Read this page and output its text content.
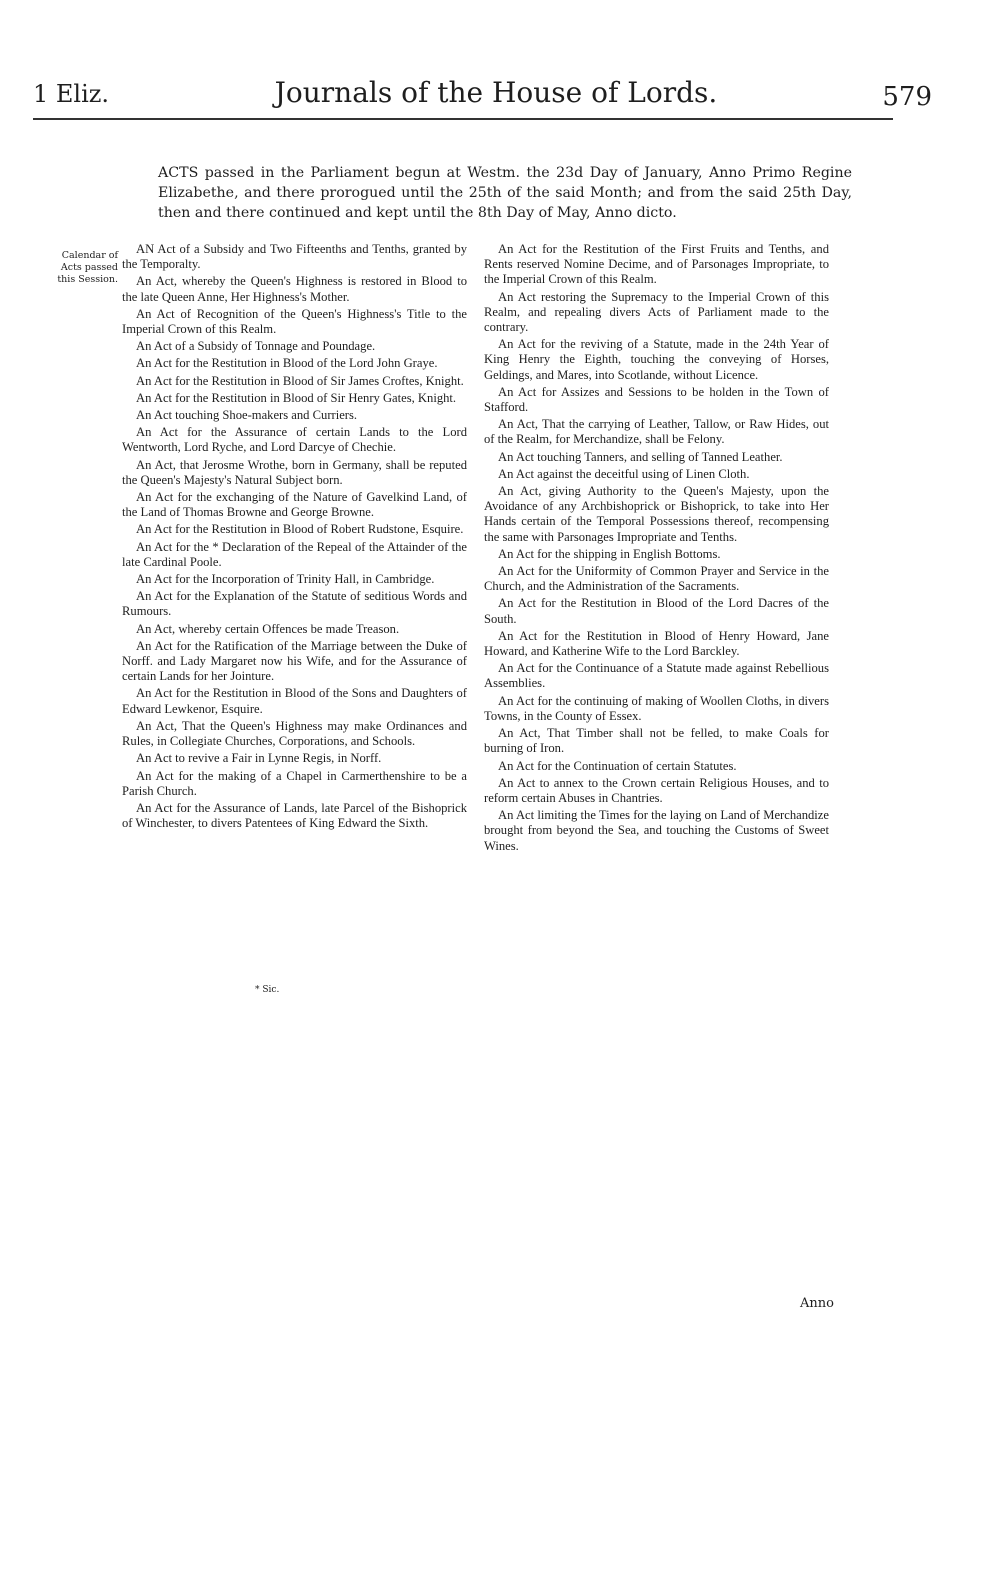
1 Eliz.	Journals of the House of Lords.	579
ACTS passed in the Parliament begun at Westm. the 23d Day of January, Anno Primo Regine Elizabethe, and there prorogued until the 25th of the said Month; and from the said 25th Day, then and there continued and kept until the 8th Day of May, Anno dicto.
Calendar of Acts passed this Session.

AN Act of a Subsidy and Two Fifteenths and Tenths, granted by the Temporalty.

An Act, whereby the Queen's Highness is restored in Blood to the late Queen Anne, Her Highness's Mother.

An Act of Recognition of the Queen's Highness's Title to the Imperial Crown of this Realm.

An Act of a Subsidy of Tonnage and Poundage.

An Act for the Restitution in Blood of the Lord John Graye.

An Act for the Restitution in Blood of Sir James Croftes, Knight.

An Act for the Restitution in Blood of Sir Henry Gates, Knight.

An Act touching Shoe-makers and Curriers.

An Act for the Assurance of certain Lands to the Lord Wentworth, Lord Ryche, and Lord Darcye of Chechie.

An Act, that Jerosme Wrothe, born in Germany, shall be reputed the Queen's Majesty's Natural Subject born.

An Act for the exchanging of the Nature of Gavelkind Land, of the Land of Thomas Browne and George Browne.

An Act for the Restitution in Blood of Robert Rudstone, Esquire.

An Act for the * Declaration of the Repeal of the Attainder of the late Cardinal Poole.

An Act for the Incorporation of Trinity Hall, in Cambridge.

An Act for the Explanation of the Statute of seditious Words and Rumours.

An Act, whereby certain Offences be made Treason.

An Act for the Ratification of the Marriage between the Duke of Norff. and Lady Margaret now his Wife, and for the Assurance of certain Lands for her Jointure.

An Act for the Restitution in Blood of the Sons and Daughters of Edward Lewkenor, Esquire.

An Act, That the Queen's Highness may make Ordinances and Rules, in Collegiate Churches, Corporations, and Schools.

An Act to revive a Fair in Lynne Regis, in Norff.

An Act for the making of a Chapel in Carmerthenshire to be a Parish Church.

An Act for the Assurance of Lands, late Parcel of the Bishoprick of Winchester, to divers Patentees of King Edward the Sixth.

An Act for the Restitution of the First Fruits and Tenths, and Rents reserved Nomine Decime, and of Parsonages Impropriate, to the Imperial Crown of this Realm.

An Act restoring the Supremacy to the Imperial Crown of this Realm, and repealing divers Acts of Parliament made to the contrary.

An Act for the reviving of a Statute, made in the 24th Year of King Henry the Eighth, touching the conveying of Horses, Geldings, and Mares, into Scotlande, without Licence.

An Act for Assizes and Sessions to be holden in the Town of Stafford.

An Act, That the carrying of Leather, Tallow, or Raw Hides, out of the Realm, for Merchandize, shall be Felony.

An Act touching Tanners, and selling of Tanned Leather.

An Act against the deceitful using of Linen Cloth.

An Act, giving Authority to the Queen's Majesty, upon the Avoidance of any Archbishoprick or Bishoprick, to take into Her Hands certain of the Temporal Possessions thereof, recompensing the same with Parsonages Impropriate and Tenths.

An Act for the shipping in English Bottoms.

An Act for the Uniformity of Common Prayer and Service in the Church, and the Administration of the Sacraments.

An Act for the Restitution in Blood of the Lord Dacres of the South.

An Act for the Restitution in Blood of Henry Howard, Jane Howard, and Katherine Wife to the Lord Barckley.

An Act for the Continuance of a Statute made against Rebellious Assemblies.

An Act for the continuing of making of Woollen Cloths, in divers Towns, in the County of Essex.

An Act, That Timber shall not be felled, to make Coals for burning of Iron.

An Act for the Continuation of certain Statutes.

An Act to annex to the Crown certain Religious Houses, and to reform certain Abuses in Chantries.

An Act limiting the Times for the laying on Land of Merchandize brought from beyond the Sea, and touching the Customs of Sweet Wines.

* Sic.
Anno
